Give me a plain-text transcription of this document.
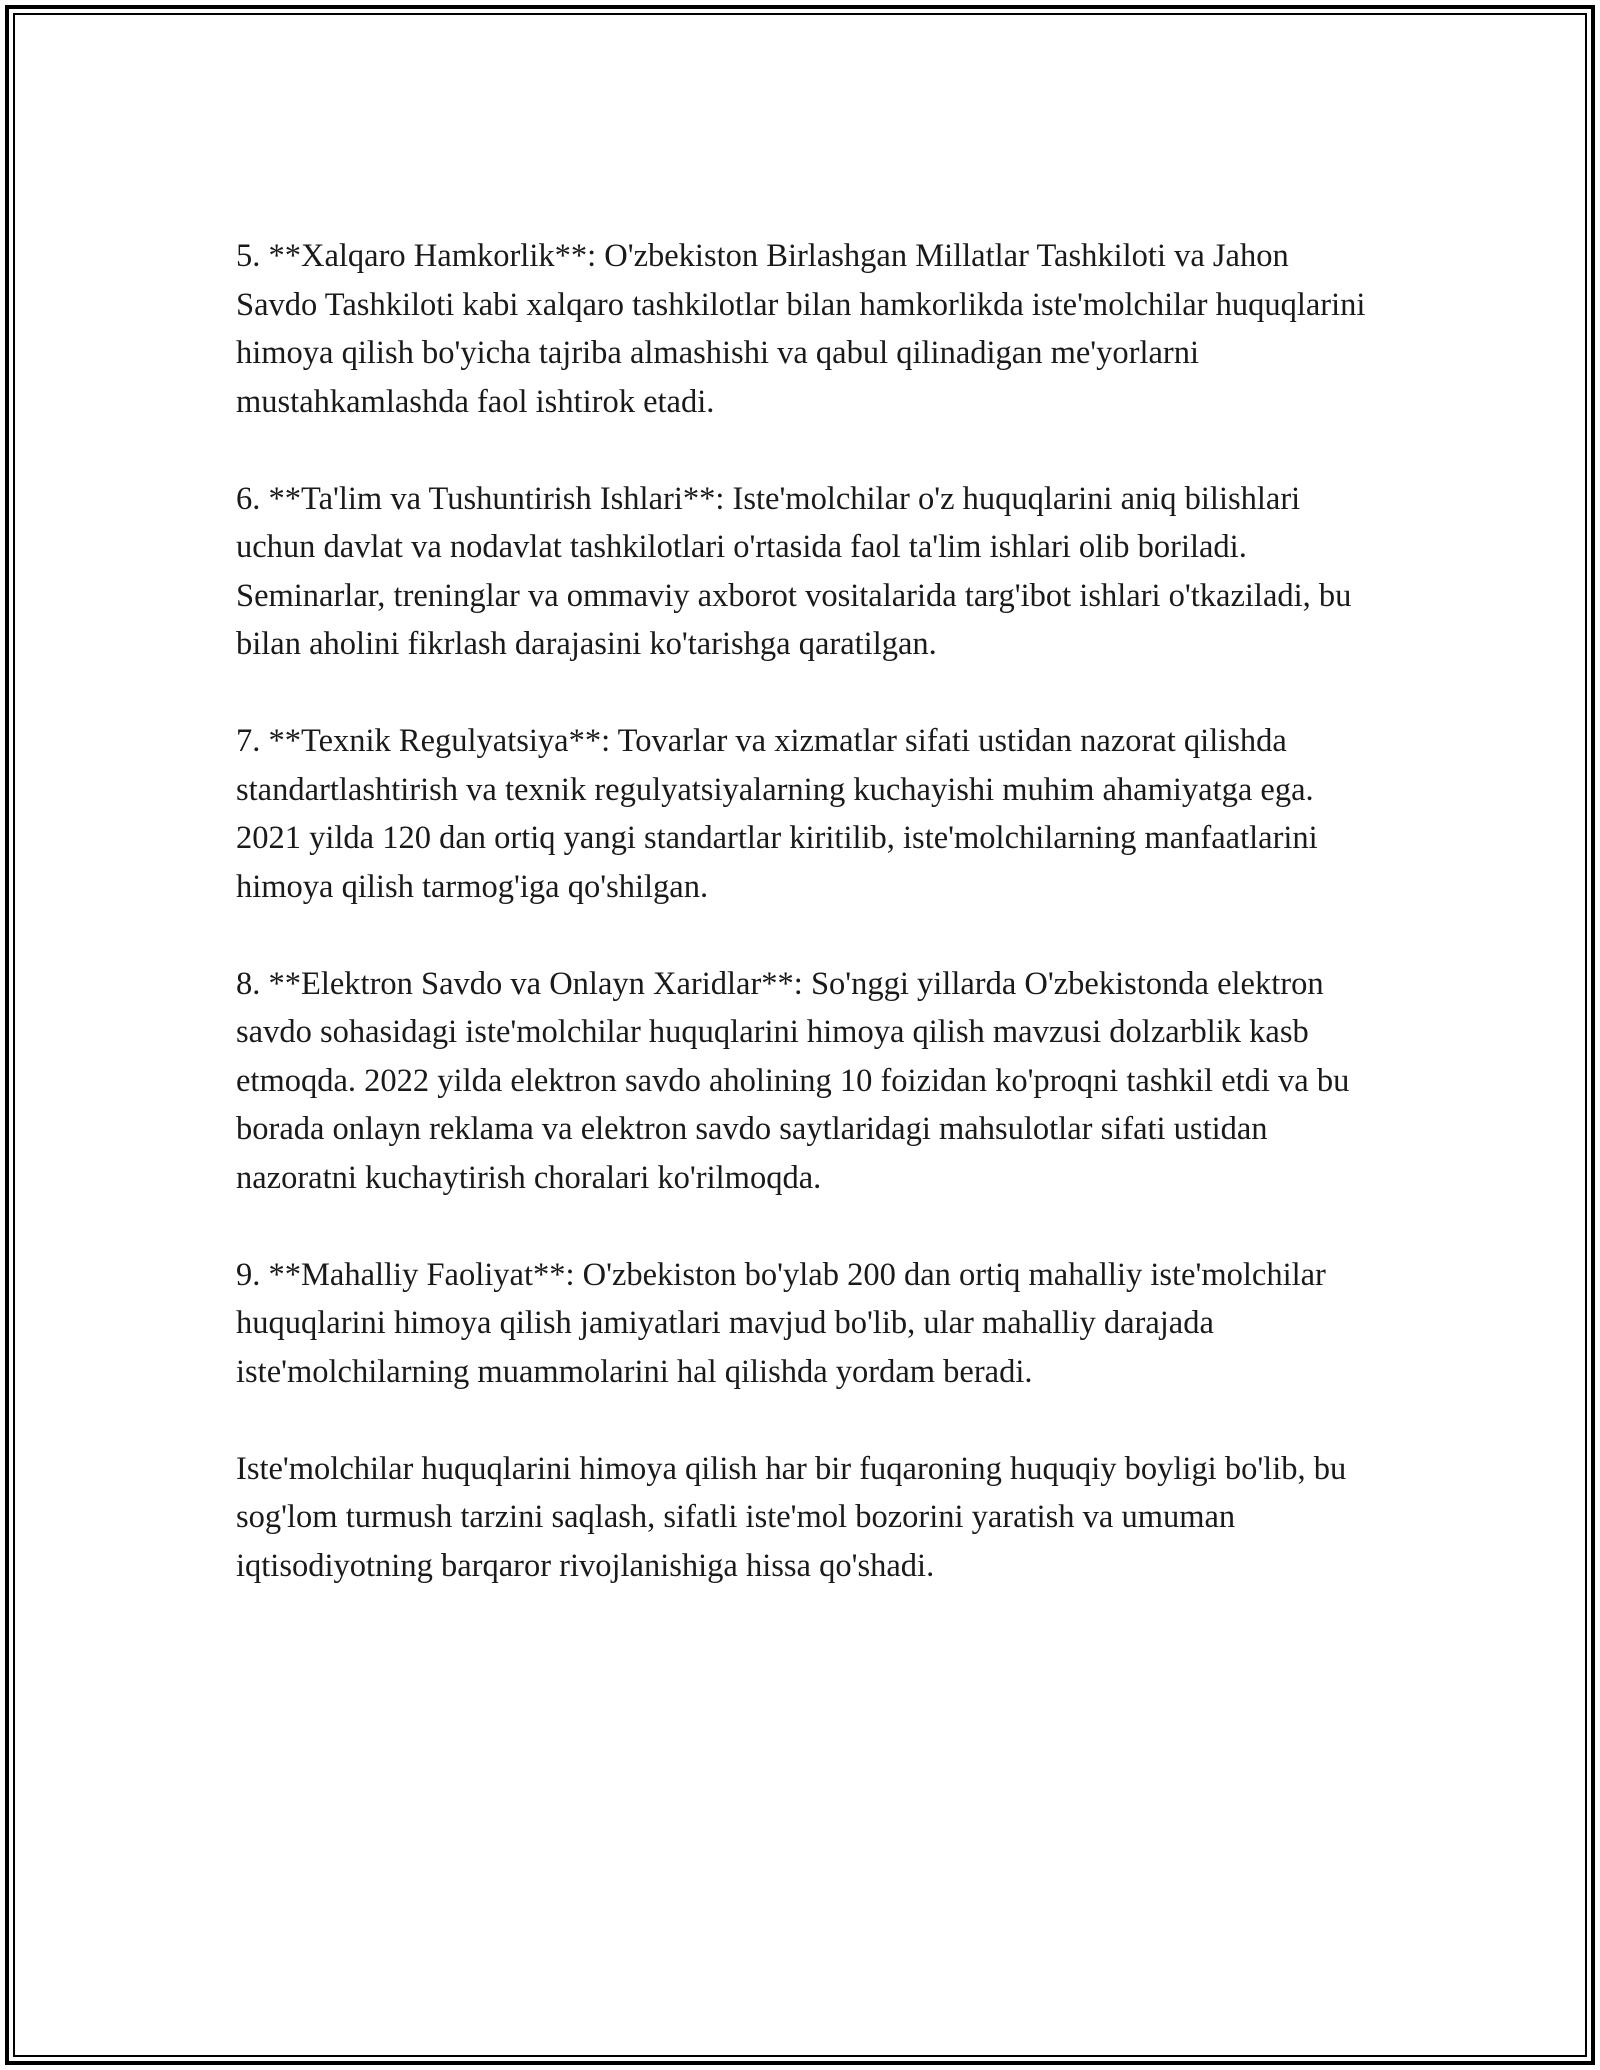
5. **Xalqaro Hamkorlik**: O'zbekiston Birlashgan Millatlar Tashkiloti va Jahon Savdo Tashkiloti kabi xalqaro tashkilotlar bilan hamkorlikda iste'molchilar huquqlarini himoya qilish bo'yicha tajriba almashishi va qabul qilinadigan me'yorlarni mustahkamlashda faol ishtirok etadi.

6. **Ta'lim va Tushuntirish Ishlari**: Iste'molchilar o'z huquqlarini aniq bilishlari uchun davlat va nodavlat tashkilotlari o'rtasida faol ta'lim ishlari olib boriladi. Seminarlar, treninglar va ommaviy axborot vositalarida targ'ibot ishlari o'tkaziladi, bu bilan aholini fikrlash darajasini ko'tarishga qaratilgan.

7. **Texnik Regulyatsiya**: Tovarlar va xizmatlar sifati ustidan nazorat qilishda standartlashtirish va texnik regulyatsiyalarning kuchayishi muhim ahamiyatga ega. 2021 yilda 120 dan ortiq yangi standartlar kiritilib, iste'molchilarning manfaatlarini himoya qilish tarmog'iga qo'shilgan.

8. **Elektron Savdo va Onlayn Xaridlar**: So'nggi yillarda O'zbekistonda elektron savdo sohasidagi iste'molchilar huquqlarini himoya qilish mavzusi dolzarblik kasb etmoqda. 2022 yilda elektron savdo aholining 10 foizidan ko'proqni tashkil etdi va bu borada onlayn reklama va elektron savdo saytlaridagi mahsulotlar sifati ustidan nazoratni kuchaytirish choralari ko'rilmoqda.

9. **Mahalliy Faoliyat**: O'zbekiston bo'ylab 200 dan ortiq mahalliy iste'molchilar huquqlarini himoya qilish jamiyatlari mavjud bo'lib, ular mahalliy darajada iste'molchilarning muammolarini hal qilishda yordam beradi.

Iste'molchilar huquqlarini himoya qilish har bir fuqaroning huquqiy boyligi bo'lib, bu sog'lom turmush tarzini saqlash, sifatli iste'mol bozorini yaratish va umuman iqtisodiyotning barqaror rivojlanishiga hissa qo'shadi.
